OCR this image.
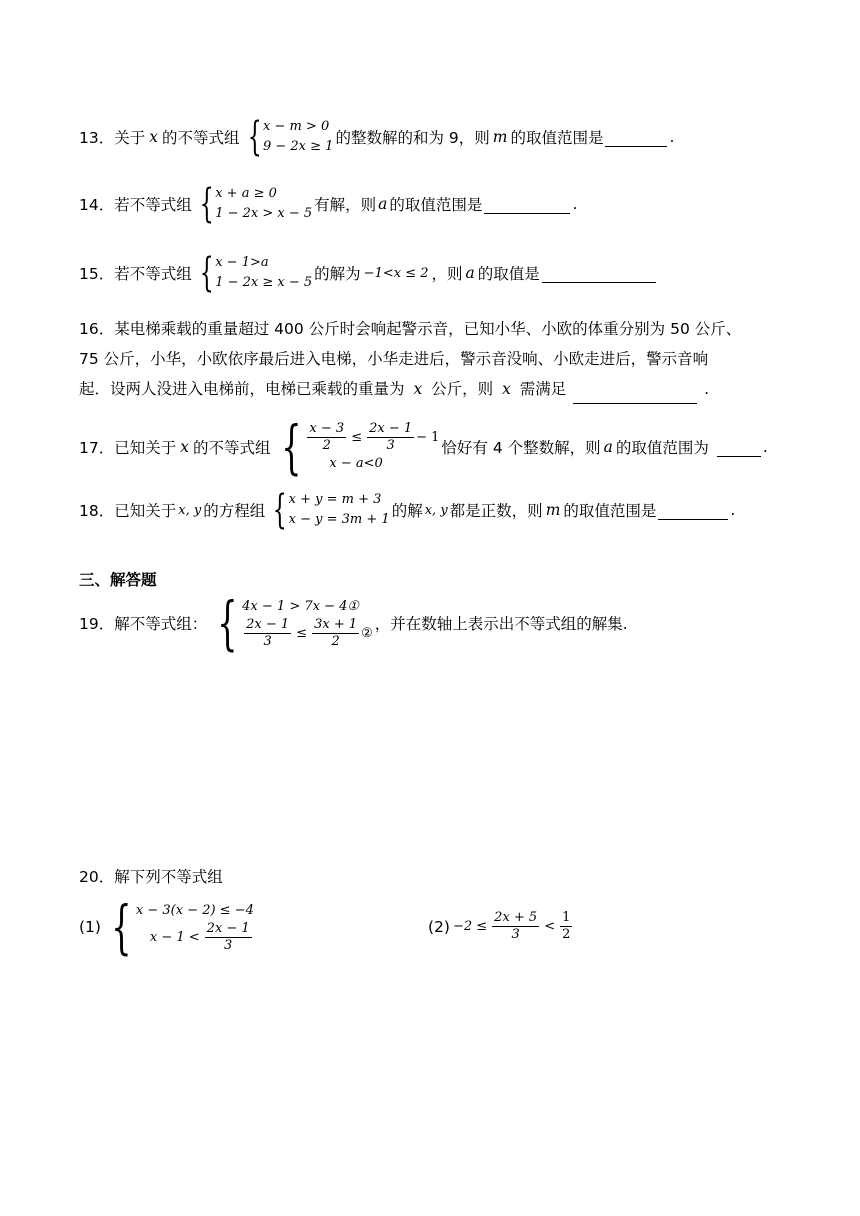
13． 关于 x 的不等式组 { x − m > 0
9 − 2x ≥ 1 的整数解的和为 9，则 m 的取值范围是	.
14． 若不等式组 { x + a ≥ 0
1 − 2x > x − 5 有解，则 a 的取值范围是	.
15． 若不等式组 { x − 1>a
1 − 2x ≥ x − 5 的解为 −1<x ≤ 2 ，则 a 的取值是
16．某电梯乘载的重量超过 400 公斤时会响起警示音，已知小华、小欧的体重分别为 50 公斤、
75 公斤，小华，小欧依序最后进入电梯，小华走进后，警示音没响、小欧走进后，警示音响
起．设两人没进入电梯前，电梯已乘载的重量为 x 公斤，则 x 需满足	.
17． 已知关于 x 的不等式组 { $\frac{x - 3}{2} \le \frac{2x - 1}{3} - 1$
x − a<0
恰好有 4 个整数解，则 a 的取值范围为	.
18． 已知关于 x, y 的方程组 { x + y = m + 3
x − y = 3m + 1 的解 x, y 都是正数，则 m 的取值范围是	.
三、解答题
19． 解不等式组： { 4x − 1 > 7x − 4①
$\frac{2x - 1}{3} \le \frac{3x + 1}{2}$ ② ，并在数轴上表示出不等式组的解集.
20．解下列不等式组
(1) { x − 3(x − 2) ≤ −4
$x - 1 < \frac{2x - 1}{3}$	$(2) -2 \le \frac{2x + 5}{3} < \frac{1}{2}$
